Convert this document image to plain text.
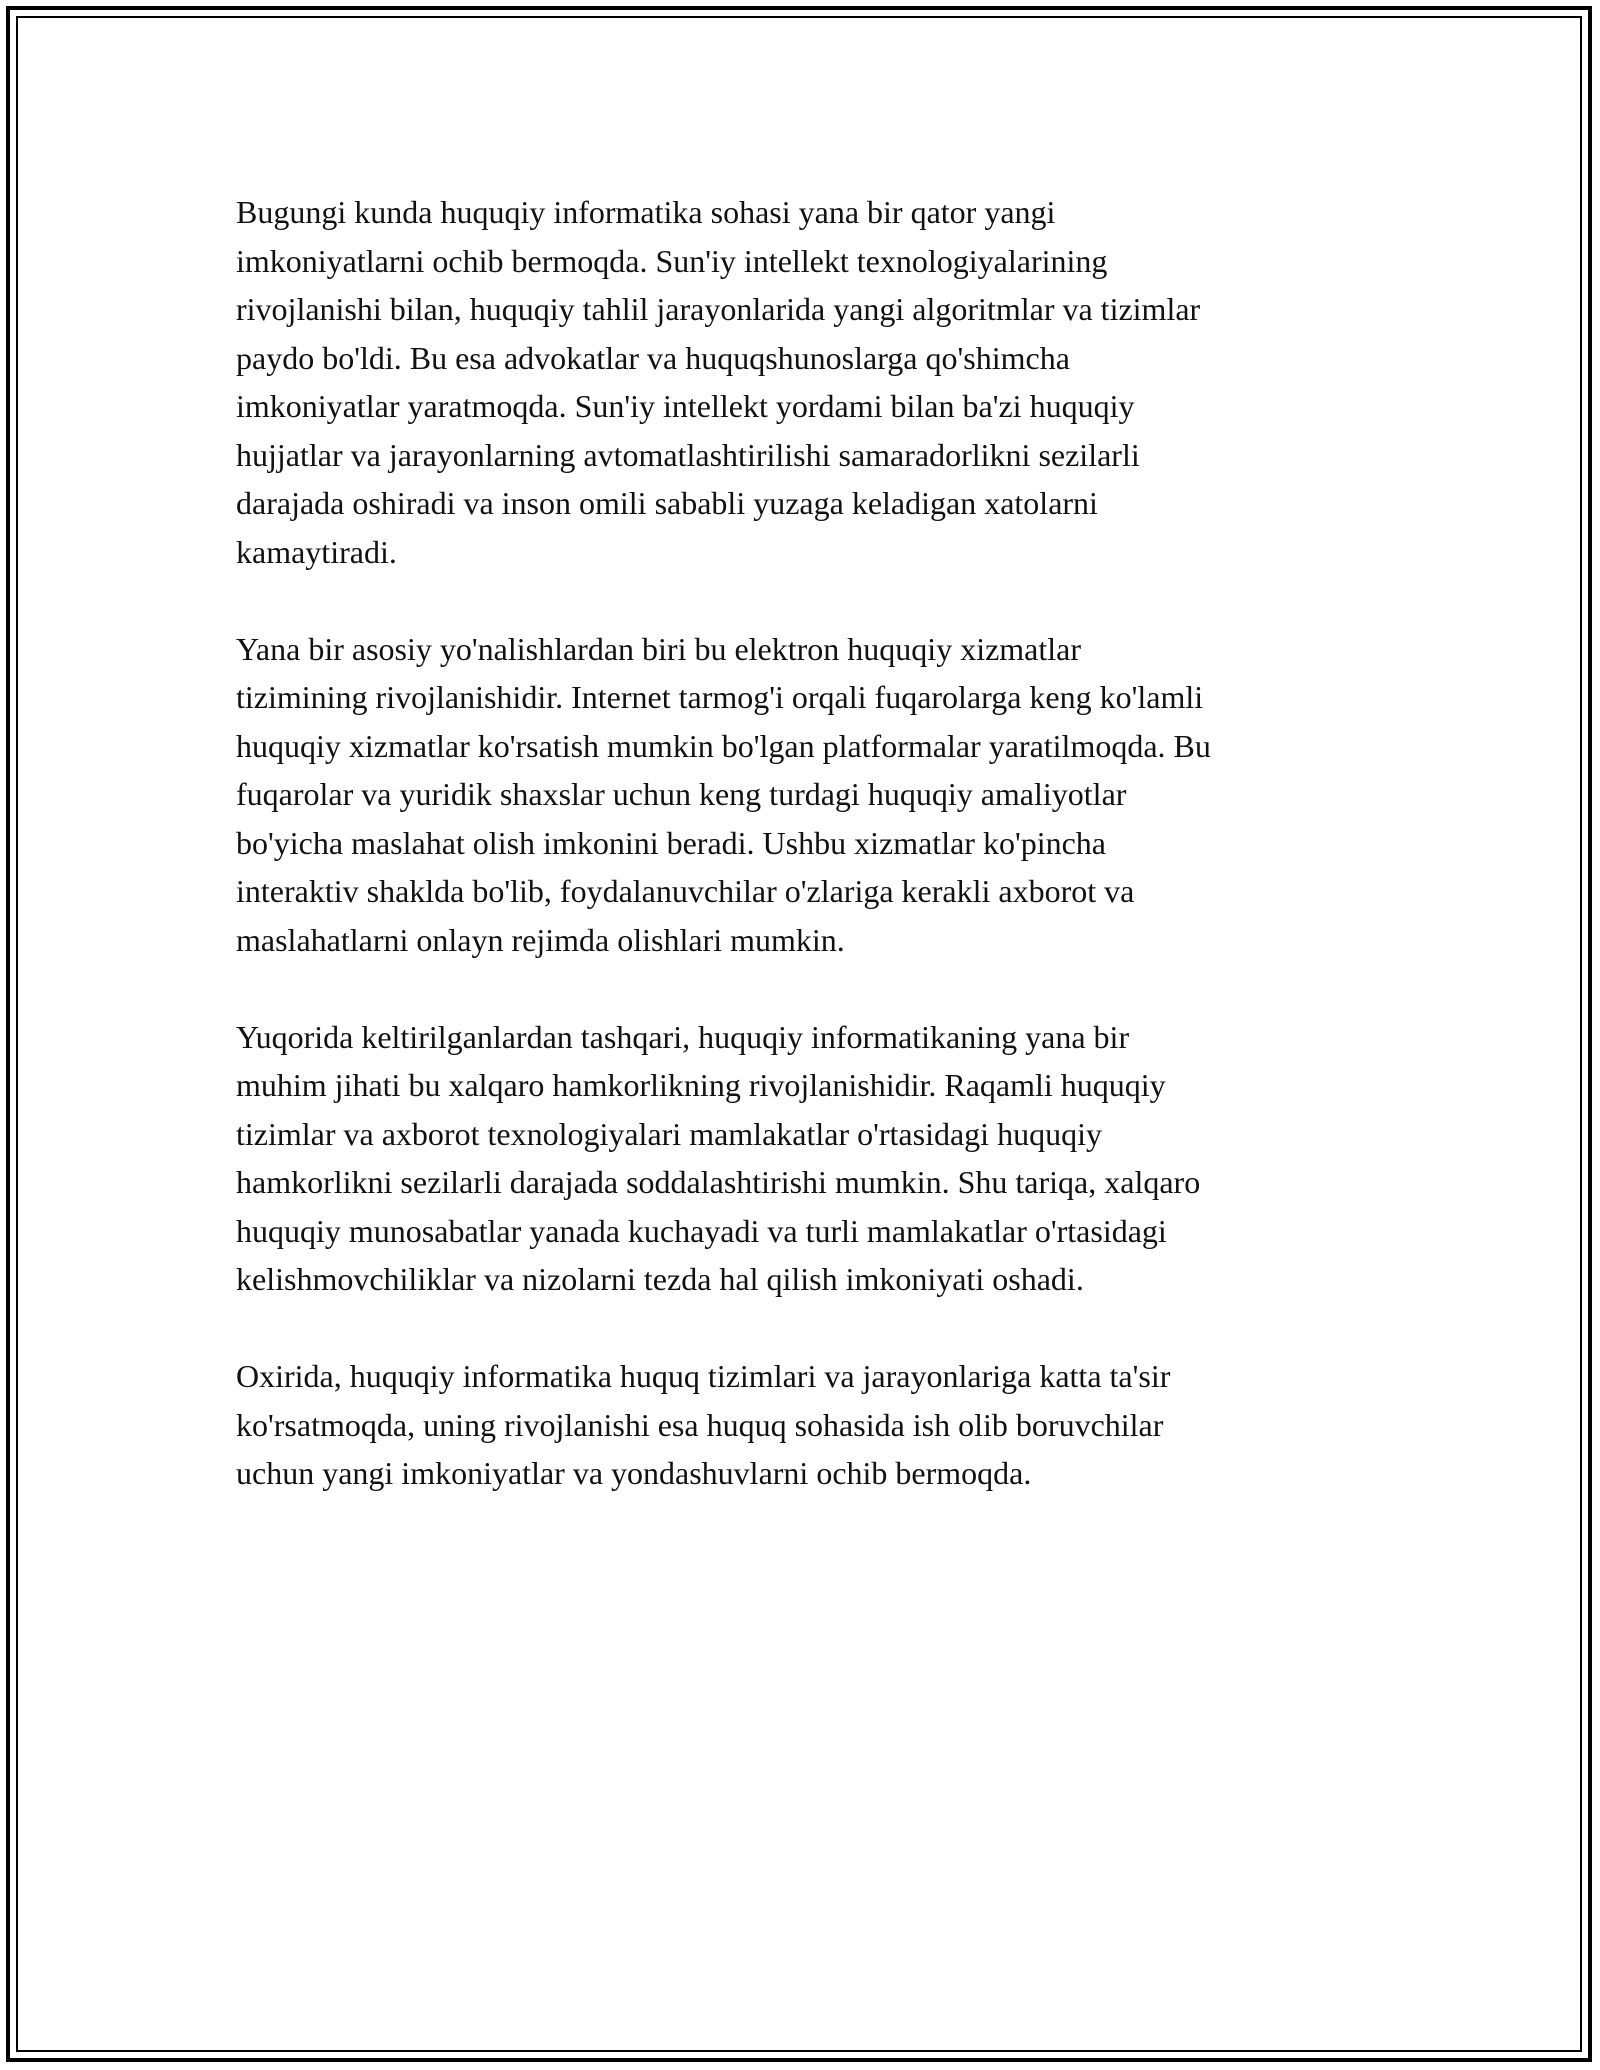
Bugungi kunda huquqiy informatika sohasi yana bir qator yangi
imkoniyatlarni ochib bermoqda. Sun'iy intellekt texnologiyalarining
rivojlanishi bilan, huquqiy tahlil jarayonlarida yangi algoritmlar va tizimlar
paydo bo'ldi. Bu esa advokatlar va huquqshunoslarga qo'shimcha
imkoniyatlar yaratmoqda. Sun'iy intellekt yordami bilan ba'zi huquqiy
hujjatlar va jarayonlarning avtomatlashtirilishi samaradorlikni sezilarli
darajada oshiradi va inson omili sababli yuzaga keladigan xatolarni
kamaytiradi.

Yana bir asosiy yo'nalishlardan biri bu elektron huquqiy xizmatlar
tizimining rivojlanishidir. Internet tarmog'i orqali fuqarolarga keng ko'lamli
huquqiy xizmatlar ko'rsatish mumkin bo'lgan platformalar yaratilmoqda. Bu
fuqarolar va yuridik shaxslar uchun keng turdagi huquqiy amaliyotlar
bo'yicha maslahat olish imkonini beradi. Ushbu xizmatlar ko'pincha
interaktiv shaklda bo'lib, foydalanuvchilar o'zlariga kerakli axborot va
maslahatlarni onlayn rejimda olishlari mumkin.

Yuqorida keltirilganlardan tashqari, huquqiy informatikaning yana bir
muhim jihati bu xalqaro hamkorlikning rivojlanishidir. Raqamli huquqiy
tizimlar va axborot texnologiyalari mamlakatlar o'rtasidagi huquqiy
hamkorlikni sezilarli darajada soddalashtirishi mumkin. Shu tariqa, xalqaro
huquqiy munosabatlar yanada kuchayadi va turli mamlakatlar o'rtasidagi
kelishmovchiliklar va nizolarni tezda hal qilish imkoniyati oshadi.

Oxirida, huquqiy informatika huquq tizimlari va jarayonlariga katta ta'sir
ko'rsatmoqda, uning rivojlanishi esa huquq sohasida ish olib boruvchilar
uchun yangi imkoniyatlar va yondashuvlarni ochib bermoqda.
